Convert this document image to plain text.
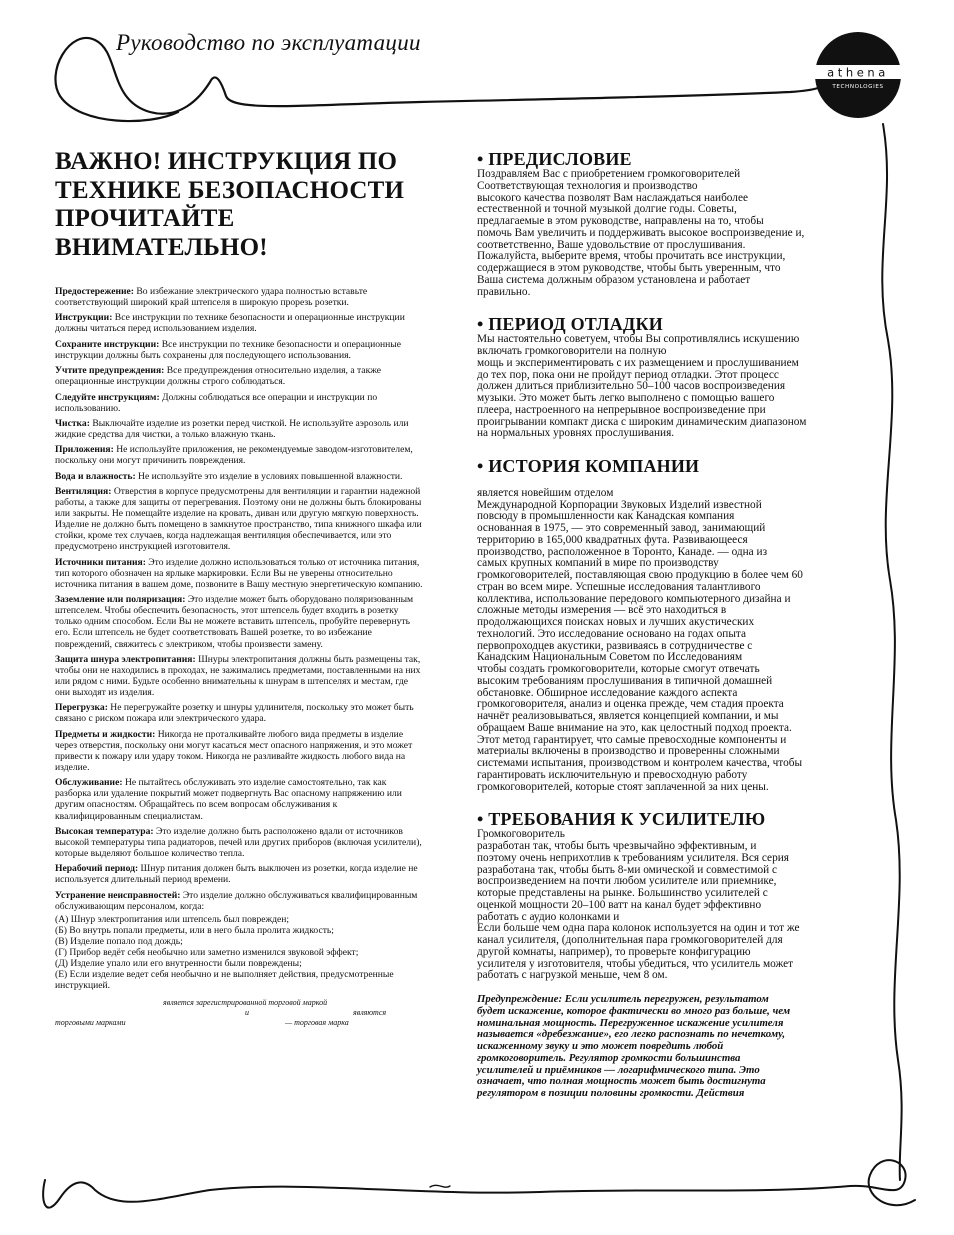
Руководство по эксплуатации
athena
TECHNOLOGIES
ВАЖНО! ИНСТРУКЦИЯ ПО
ТЕХНИКЕ БЕЗОПАСНОСТИ
ПРОЧИТАЙТЕ
ВНИМАТЕЛЬНО!

Предостережение: Во избежание электрического удара полностью вставьте соответствующий широкий край штепселя в широкую прорезь розетки.

Инструкции: Все инструкции по технике безопасности и операционные инструкции должны читаться перед использованием изделия.

Сохраните инструкции: Все инструкции по технике безопасности и операционные инструкции должны быть сохранены для последующего использования.

Учтите предупреждения: Все предупреждения относительно изделия, а также операционные инструкции должны строго соблюдаться.

Следуйте инструкциям: Должны соблюдаться все операции и инструкции по использованию.

Чистка: Выключайте изделие из розетки перед чисткой. Не используйте аэрозоль или жидкие средства для чистки, а только влажную ткань.

Приложения: Не используйте приложения, не рекомендуемые заводом-изготовителем, поскольку они могут причинить повреждения.

Вода и влажность: Не используйте это изделие в условиях повышенной влажности.

Вентиляция: Отверстия в корпусе предусмотрены для вентиляции и гарантии надежной работы, а также для защиты от перегревания. Поэтому они не должны быть блокированы или закрыты. Не помещайте изделие на кровать, диван или другую мягкую поверхность. Изделие не должно быть помещено в замкнутое пространство, типа книжного шкафа или стойки, кроме тех случаев, когда надлежащая вентиляция обеспечивается, или это предусмотрено инструкцией изготовителя.

Источники питания: Это изделие должно использоваться только от источника питания, тип которого обозначен на ярлыке маркировки. Если Вы не уверены относительно источника питания в вашем доме, позвоните в Вашу местную энергетическую компанию.

Заземление или поляризация: Это изделие может быть оборудовано поляризованным штепселем. Чтобы обеспечить безопасность, этот штепсель будет входить в розетку только одним способом. Если Вы не можете вставить штепсель, пробуйте перевернуть его. Если штепсель не будет соответствовать Вашей розетке, то во избежание повреждений, свяжитесь с электриком, чтобы произвести замену.

Защита шнура электропитания: Шнуры электропитания должны быть размещены так, чтобы они не находились в проходах, не зажимались предметами, поставленными на них или рядом с ними. Будьте особенно внимательны к шнурам в штепселях и местам, где они выходят из изделия.

Перегрузка: Не перегружайте розетку и шнуры удлинителя, поскольку это может быть связано с риском пожара или электрического удара.

Предметы и жидкости: Никогда не проталкивайте любого вида предметы в изделие через отверстия, поскольку они могут касаться мест опасного напряжения, и это может привести к пожару или удару током. Никогда не разливайте жидкость любого вида на изделие.

Обслуживание: Не пытайтесь обслуживать это изделие самостоятельно, так как разборка или удаление покрытий может подвергнуть Вас опасному напряжению или другим опасностям. Обращайтесь по всем вопросам обслуживания к квалифицированным специалистам.

Высокая температура: Это изделие должно быть расположено вдали от источников высокой температуры типа радиаторов, печей или других приборов (включая усилители), которые выделяют большое количество тепла.

Нерабочий период: Шнур питания должен быть выключен из розетки, когда изделие не используется длительный период времени.

Устранение неисправностей: Это изделие должно обслуживаться квалифицированным обслуживающим персоналом, когда:

(А) Шнур электропитания или штепсель был поврежден;
(Б) Во внутрь попали предметы, или в него была пролита жидкость;
(В) Изделие попало под дождь;
(Г) Прибор ведёт себя необычно или заметно изменился звуковой эффект;
(Д) Изделие упало или его внутренности были повреждены;
(Е) Если изделие ведет себя необычно и не выполняет действия, предусмотренные инструкцией.
является зарегистрированной торговой маркой
и	являются
торговыми марками	— торговая марка
• ПРЕДИСЛОВИЕ
Поздравляем Вас с приобретением громкоговорителей
Соответствующая технология и производство
высокого качества позволят Вам наслаждаться наиболее
естественной и точной музыкой долгие годы. Советы,
предлагаемые в этом руководстве, направлены на то, чтобы
помочь Вам увеличить и поддерживать высокое воспроизведение и,
соответственно, Ваше удовольствие от прослушивания.
Пожалуйста, выберите время, чтобы прочитать все инструкции,
содержащиеся в этом руководстве, чтобы быть уверенным, что
Ваша система должным образом установлена и работает
правильно.
• ПЕРИОД ОТЛАДКИ
Мы настоятельно советуем, чтобы Вы сопротивлялись искушению
включать громкоговорители на полную
мощь и экспериментировать с их размещением и прослушиванием
до тех пор, пока они не пройдут период отладки. Этот процесс
должен длиться приблизительно 50–100 часов воспроизведения
музыки. Это может быть легко выполнено с помощью вашего
плеера, настроенного на непрерывное воспроизведение при
проигрывании компакт диска с широким динамическим диапазоном
на нормальных уровнях прослушивания.
• ИСТОРИЯ КОМПАНИИ

является новейшим отделом
Международной Корпорации Звуковых Изделий известной
повсюду в промышленности как Канадская компания
основанная в 1975, — это современный завод, занимающий
территорию в 165,000 квадратных фута. Развивающееся
производство, расположенное в Торонто, Канаде. — одна из
самых крупных компаний в мире по производству
громкоговорителей, поставляющая свою продукцию в более чем 60
стран во всем мире. Успешные исследования талантливого
коллектива, использование передового компьютерного дизайна и
сложные методы измерения — всё это находиться в
продолжающихся поисках новых и лучших акустических
технологий. Это исследование основано на годах опыта
первопроходцев акустики, развиваясь в сотрудничестве с
Канадским Национальным Советом по Исследованиям
чтобы создать громкоговорители, которые смогут отвечать
высоким требованиям прослушивания в типичной домашней
обстановке. Обширное исследование каждого аспекта
громкоговорителя, анализ и оценка прежде, чем стадия проекта
начнёт реализовываться, является концепцией компании, и мы
обращаем Ваше внимание на это, как целостный подход проекта.
Этот метод гарантирует, что самые превосходные компоненты и
материалы включены в производство и проверенны сложными
системами испытания, производством и контролем качества, чтобы
гарантировать исключительную и превосходную работу
громкоговорителей, которые стоят заплаченной за них цены.
• ТРЕБОВАНИЯ К УСИЛИТЕЛЮ
Громкоговоритель
разработан так, чтобы быть чрезвычайно эффективным, и
поэтому очень неприхотлив к требованиям усилителя. Вся серия
разработана так, чтобы быть 8-ми омической и совместимой с
воспроизведением на почти любом усилителе или приемнике,
которые представлены на рынке. Большинство усилителей с
оценкой мощности 20–100 ватт на канал будет эффективно
работать с аудио колонками и
Если больше чем одна пара колонок используется на один и тот же
канал усилителя, (дополнительная пара громкоговорителей для
другой комнаты, например), то проверьте конфигурацию
усилителя у изготовителя, чтобы убедиться, что усилитель может
работать с нагрузкой меньше, чем 8 ом.
Предупреждение: Если усилитель перегружен, результатом
будет искажение, которое фактически во много раз больше, чем
номинальная мощность. Перегруженное искажение усилителя
называется «дребезжание», его легко распознать по нечеткому,
искаженному звуку и это может повредить любой
громкоговоритель. Регулятор громкости большинства
усилителей и приёмников — логарифмического типа. Это
означает, что полная мощность может быть достигнута
регулятором в позиции половины громкости. Действия
